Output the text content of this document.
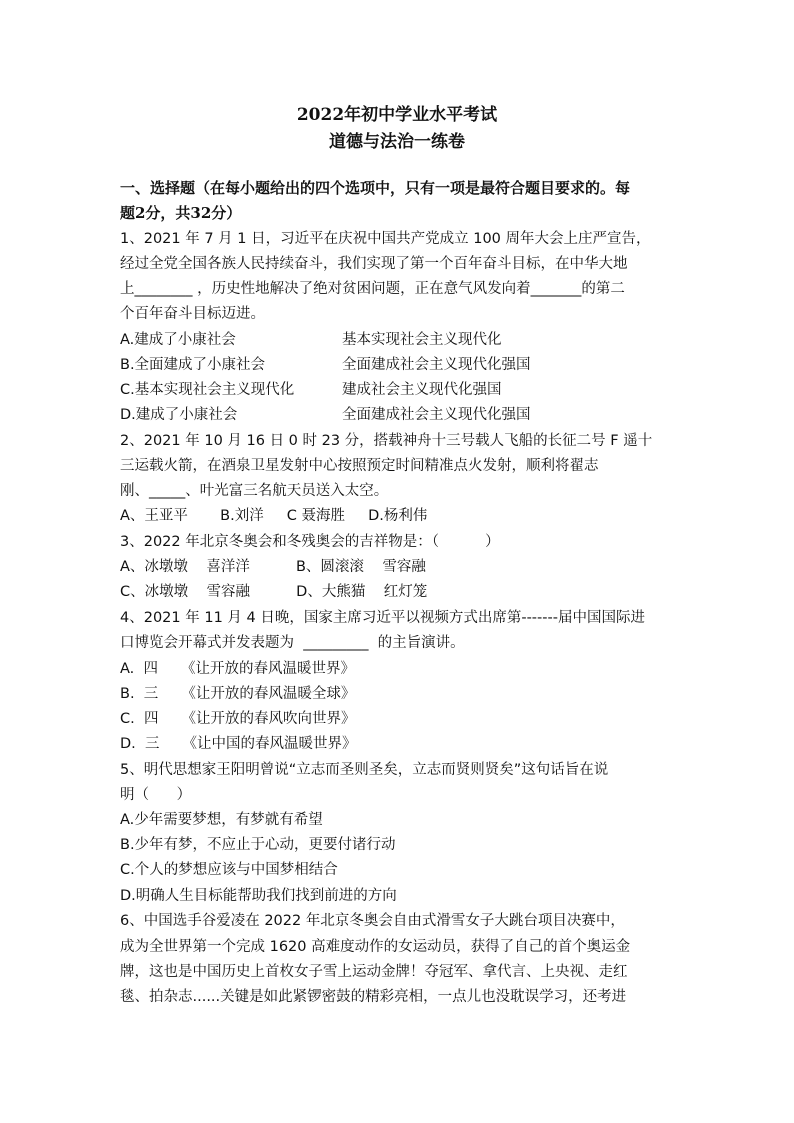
2022年初中学业水平考试
道德与法治一练卷
一、选择题（在每小题给出的四个选项中，只有一项是最符合题目要求的。每
题2分，共32分）
1、2021 年 7 月 1 日，习近平在庆祝中国共产党成立 100 周年大会上庄严宣告，
经过全党全国各族人民持续奋斗，我们实现了第一个百年奋斗目标，在中华大地
上________ ，历史性地解决了绝对贫困问题，正在意气风发向着_______的第二
个百年奋斗目标迈进。
A.建成了小康社会	基本实现社会主义现代化
B.全面建成了小康社会	全面建成社会主义现代化强国
C.基本实现社会主义现代化	建成社会主义现代化强国
D.建成了小康社会	全面建成社会主义现代化强国
2、2021 年 10 月 16 日 0 时 23 分，搭载神舟十三号载人飞船的长征二号 F 遥十
三运载火箭，在酒泉卫星发射中心按照预定时间精准点火发射，顺利将翟志
刚、_____、叶光富三名航天员送入太空。
A、王亚平       B.刘洋     C 聂海胜     D.杨利伟
3、2022 年北京冬奥会和冬残奥会的吉祥物是：（          ）
A、冰墩墩    喜洋洋          B、圆滚滚    雪容融
C、冰墩墩    雪容融          D、大熊猫    红灯笼
4、2021 年 11 月 4 日晚，国家主席习近平以视频方式出席第-------届中国国际进
口博览会开幕式并发表题为  _________  的主旨演讲。
A.  四     《让开放的春风温暖世界》
B.  三     《让开放的春风温暖全球》
C.  四     《让开放的春风吹向世界》
D.  三     《让中国的春风温暖世界》
5、明代思想家王阳明曾说“立志而圣则圣矣，立志而贤则贤矣”这句话旨在说
明（      ）
A.少年需要梦想，有梦就有希望
B.少年有梦，不应止于心动，更要付诸行动
C.个人的梦想应该与中国梦相结合
D.明确人生目标能帮助我们找到前进的方向
6、中国选手谷爱凌在 2022 年北京冬奥会自由式滑雪女子大跳台项目决赛中，
成为全世界第一个完成 1620 高难度动作的女运动员，获得了自己的首个奥运金
牌，这也是中国历史上首枚女子雪上运动金牌！夺冠军、拿代言、上央视、走红
毯、拍杂志......关键是如此紧锣密鼓的精彩亮相，一点儿也没耽误学习，还考进
